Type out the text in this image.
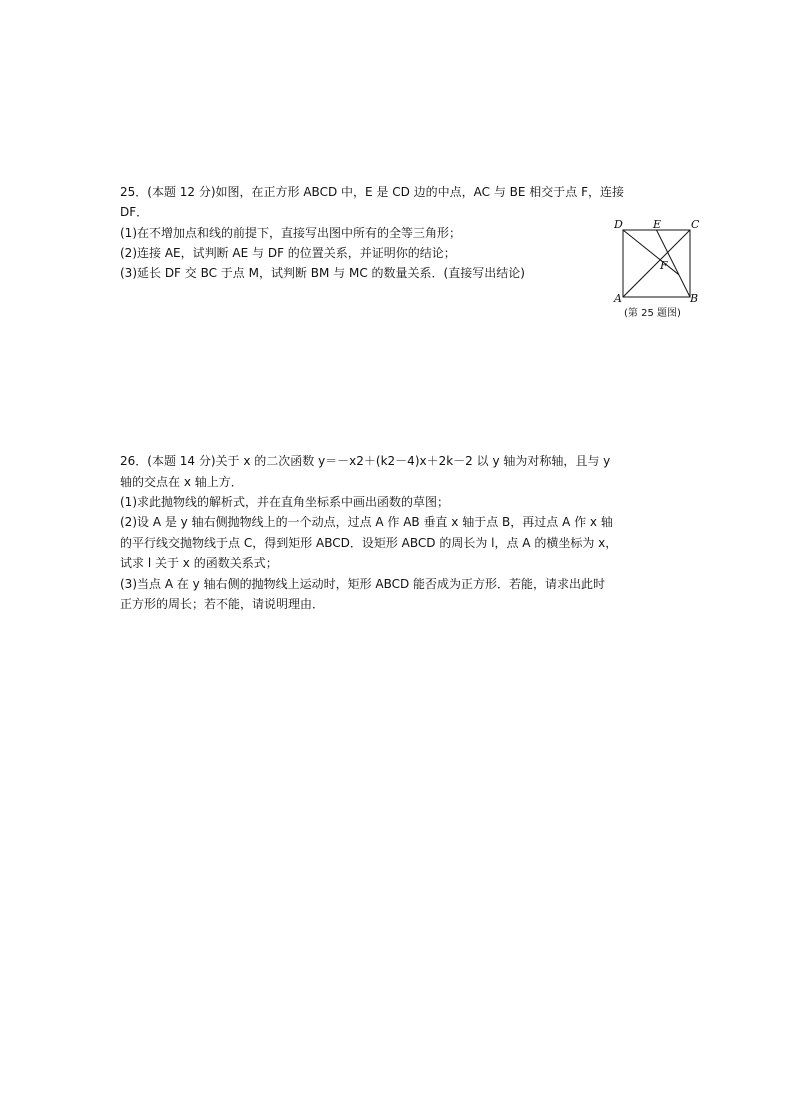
25．(本题 12 分)如图，在正方形 ABCD 中，E 是 CD 边的中点，AC 与 BE 相交于点 F，连接
DF．
(1)在不增加点和线的前提下，直接写出图中所有的全等三角形；
(2)连接 AE，试判断 AE 与 DF 的位置关系，并证明你的结论；
(3)延长 DF 交 BC 于点 M，试判断 BM 与 MC 的数量关系．(直接写出结论)
D	E	C
F
A	B
(第 25 题图)
26．(本题 14 分)关于 x 的二次函数 y＝－x2＋(k2－4)x＋2k－2 以 y 轴为对称轴，且与 y
轴的交点在 x 轴上方．
(1)求此抛物线的解析式，并在直角坐标系中画出函数的草图；
(2)设 A 是 y 轴右侧抛物线上的一个动点，过点 A 作 AB 垂直 x 轴于点 B，再过点 A 作 x 轴
的平行线交抛物线于点 C，得到矩形 ABCD．设矩形 ABCD 的周长为 l，点 A 的横坐标为 x，
试求 l 关于 x 的函数关系式；
(3)当点 A 在 y 轴右侧的抛物线上运动时，矩形 ABCD 能否成为正方形．若能，请求出此时
正方形的周长；若不能，请说明理由．
